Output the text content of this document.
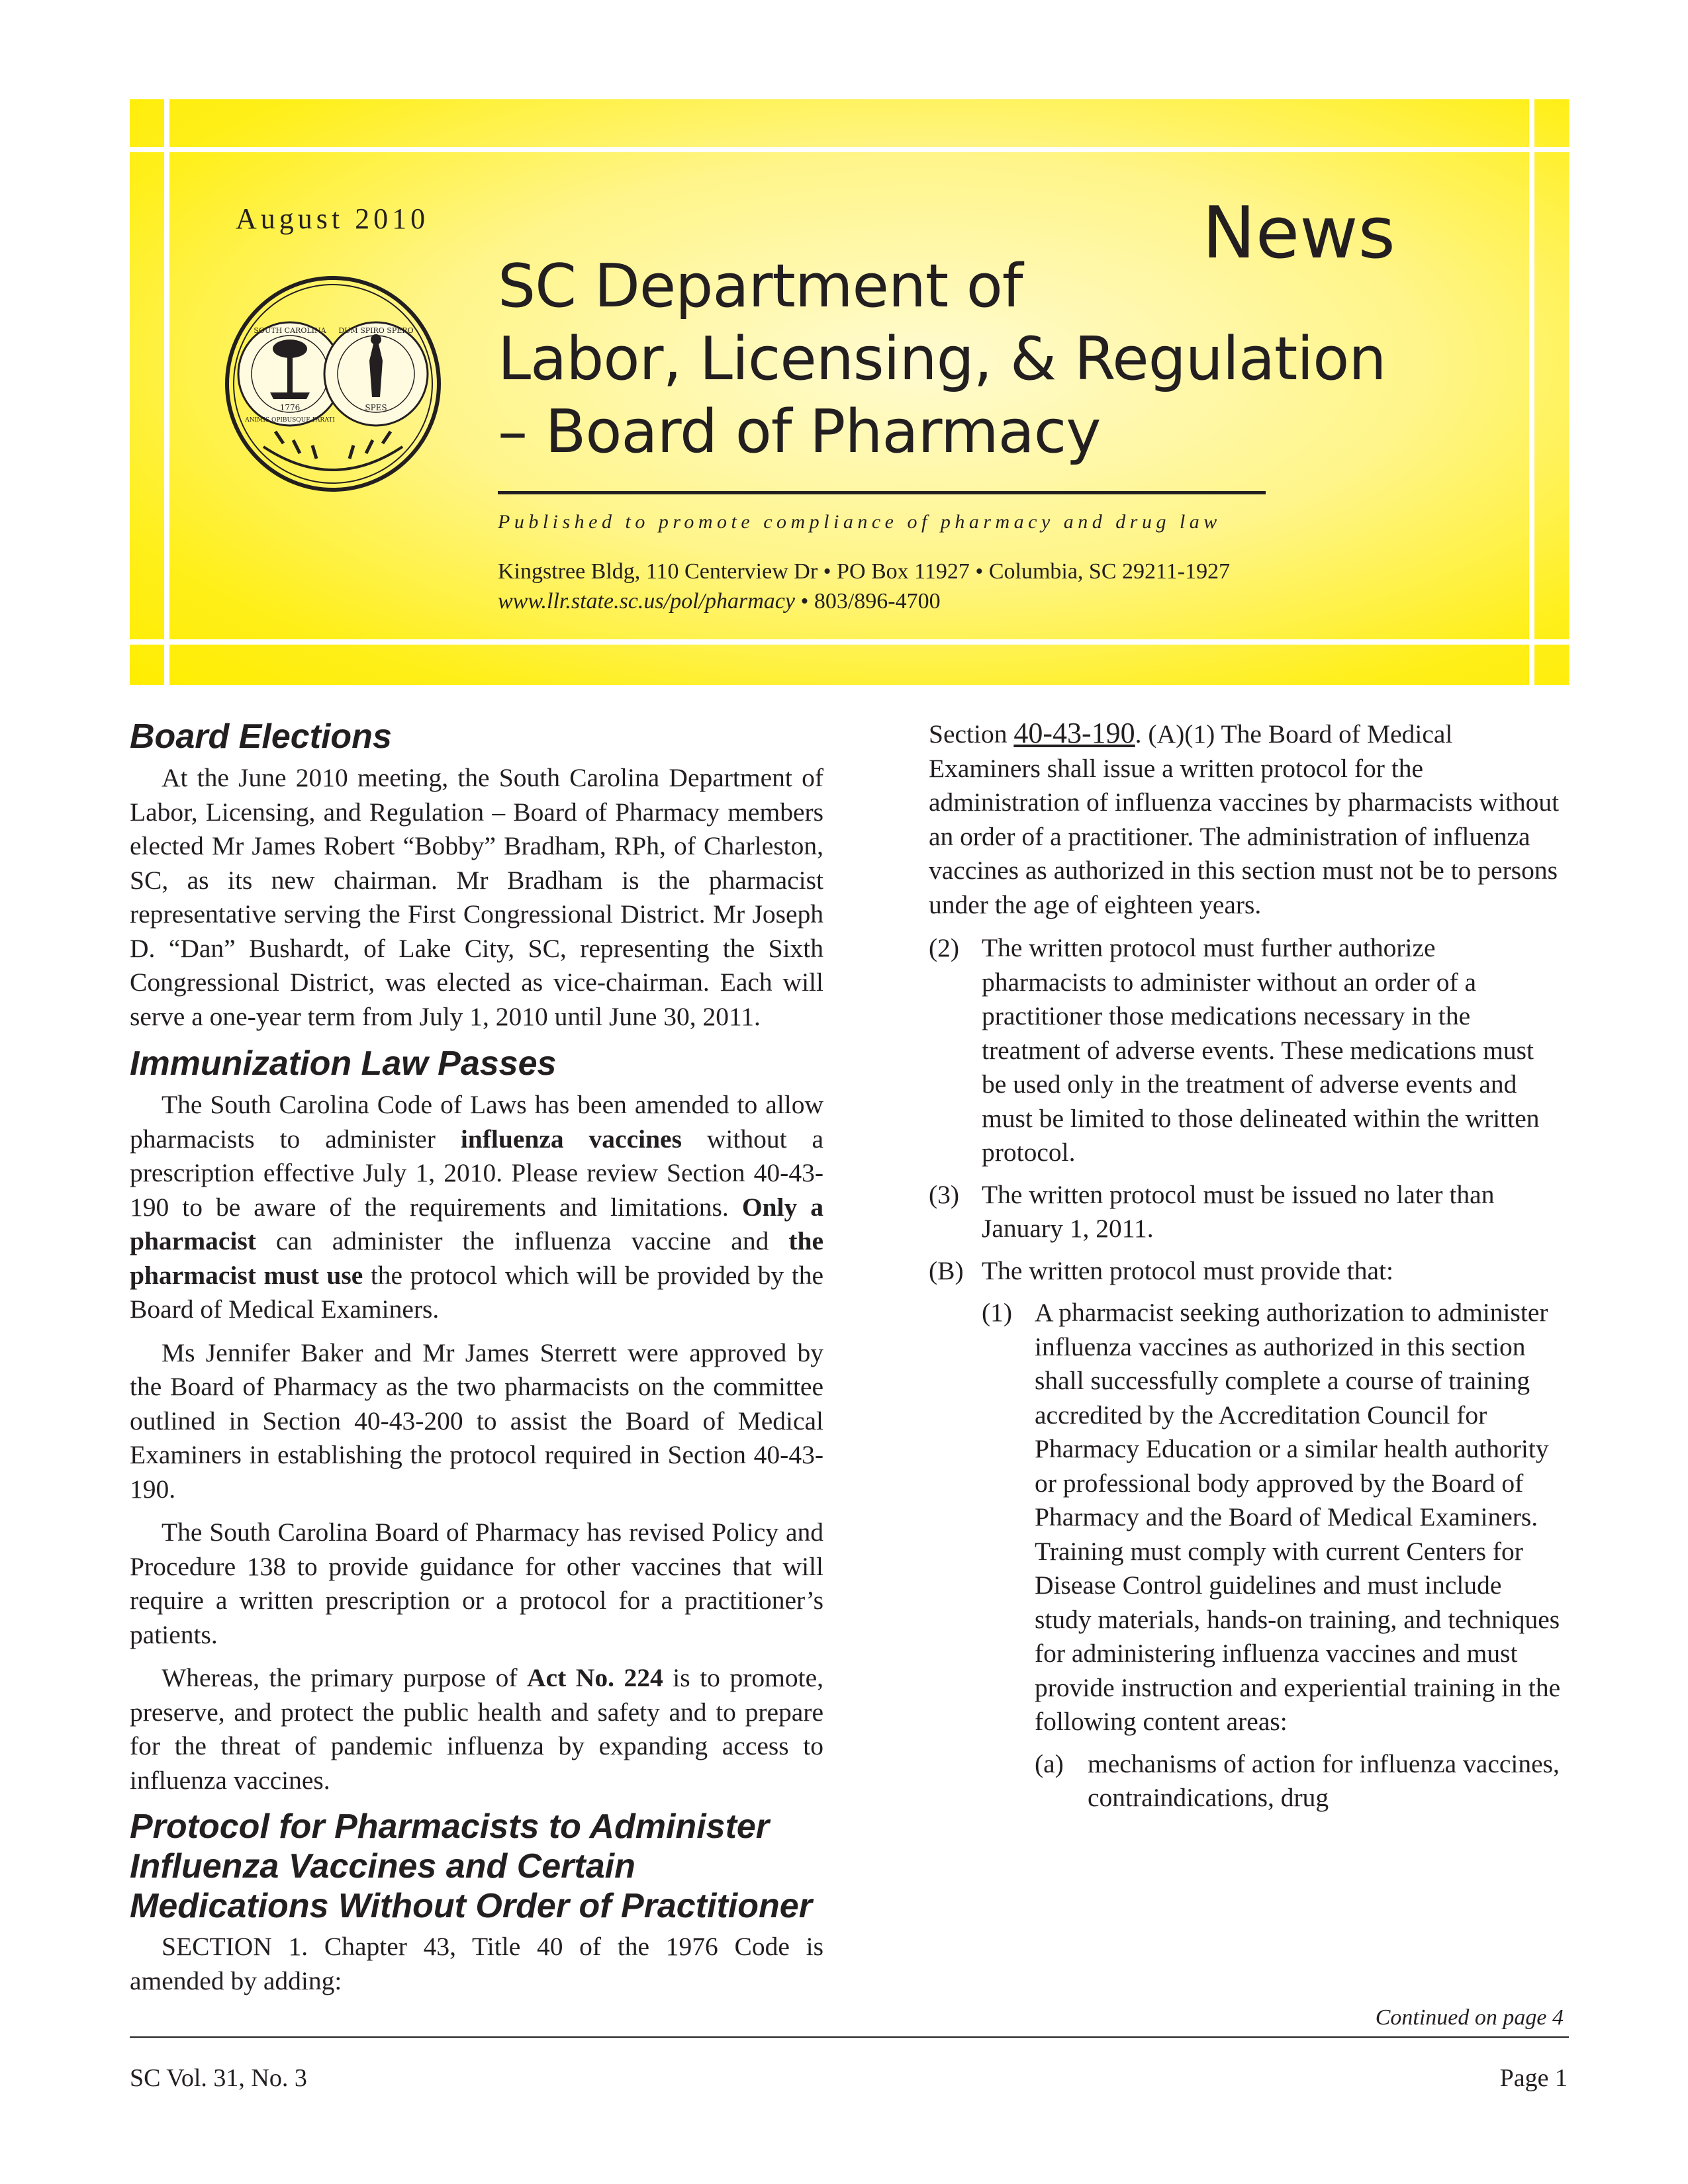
August 2010	News
SOUTH CAROLINA DUM SPIRO SPERO
ANIMIS OPIBUSQUE PARATI
1776	SPES
SC Department of
Labor, Licensing, & Regulation
– Board of Pharmacy
Published to promote compliance of pharmacy and drug law
Kingstree Bldg, 110 Centerview Dr • PO Box 11927 • Columbia, SC 29211-1927
www.llr.state.sc.us/pol/pharmacy • 803/896-4700
Board Elections
At the June 2010 meeting, the South Carolina Department of Labor, Licensing, and Regulation – Board of Pharmacy members elected Mr James Robert “Bobby” Bradham, RPh, of Charleston, SC, as its new chairman. Mr Bradham is the pharmacist representative serving the First Congressional District. Mr Joseph D. “Dan” Bushardt, of Lake City, SC, representing the Sixth Congressional District, was elected as vice-chairman. Each will serve a one-year term from July 1, 2010 until June 30, 2011.
Immunization Law Passes
The South Carolina Code of Laws has been amended to allow pharmacists to administer influenza vaccines without a prescription effective July 1, 2010. Please review Section 40-43-190 to be aware of the requirements and limitations. Only a pharmacist can administer the influenza vaccine and the pharmacist must use the protocol which will be provided by the Board of Medical Examiners.
Ms Jennifer Baker and Mr James Sterrett were approved by the Board of Pharmacy as the two pharmacists on the committee outlined in Section 40-43-200 to assist the Board of Medical Examiners in establishing the protocol required in Section 40-43-190.
The South Carolina Board of Pharmacy has revised Policy and Procedure 138 to provide guidance for other vaccines that will require a written prescription or a protocol for a practitioner’s patients.
Whereas, the primary purpose of Act No. 224 is to promote, preserve, and protect the public health and safety and to prepare for the threat of pandemic influenza by expanding access to influenza vaccines.
Protocol for Pharmacists to Administer Influenza Vaccines and Certain Medications Without Order of Practitioner
SECTION 1. Chapter 43, Title 40 of the 1976 Code is amended by adding:
Section 40-43-190. (A)(1) The Board of Medical Examiners shall issue a written protocol for the administration of influenza vaccines by pharmacists without an order of a practitioner. The administration of influenza vaccines as authorized in this section must not be to persons under the age of eighteen years.
(2) The written protocol must further authorize pharmacists to administer without an order of a practitioner those medications necessary in the treatment of adverse events. These medications must be used only in the treatment of adverse events and must be limited to those delineated within the written protocol.
(3) The written protocol must be issued no later than January 1, 2011.
(B) The written protocol must provide that:
(1) A pharmacist seeking authorization to administer influenza vaccines as authorized in this section shall successfully complete a course of training accredited by the Accreditation Council for Pharmacy Education or a similar health authority or professional body approved by the Board of Pharmacy and the Board of Medical Examiners. Training must comply with current Centers for Disease Control guidelines and must include study materials, hands-on training, and techniques for administering influenza vaccines and must provide instruction and experiential training in the following content areas:
(a) mechanisms of action for influenza vaccines, contraindications, drug
Continued on page 4
SC Vol. 31, No. 3	Page 1
